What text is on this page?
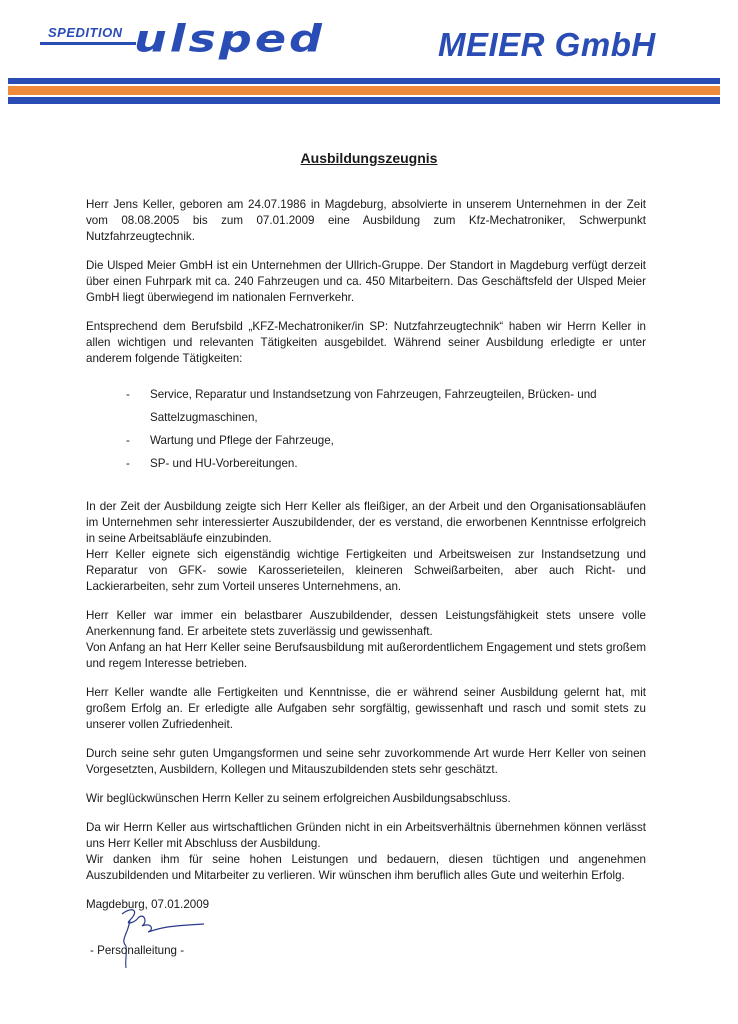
SPEDITION ulsped	MEIER GmbH
Ausbildungszeugnis

Herr Jens Keller, geboren am 24.07.1986 in Magdeburg, absolvierte in unserem Unternehmen in der Zeit vom 08.08.2005 bis zum 07.01.2009 eine Ausbildung zum Kfz-Mechatroniker, Schwerpunkt Nutzfahrzeugtechnik.

Die Ulsped Meier GmbH ist ein Unternehmen der Ullrich-Gruppe. Der Standort in Magdeburg verfügt derzeit über einen Fuhrpark mit ca. 240 Fahrzeugen und ca. 450 Mitarbeitern. Das Geschäftsfeld der Ulsped Meier GmbH liegt überwiegend im nationalen Fernverkehr.

Entsprechend dem Berufsbild „KFZ-Mechatroniker/in SP: Nutzfahrzeugtechnik“ haben wir Herrn Keller in allen wichtigen und relevanten Tätigkeiten ausgebildet. Während seiner Ausbildung erledigte er unter anderem folgende Tätigkeiten:

- Service, Reparatur und Instandsetzung von Fahrzeugen, Fahrzeugteilen, Brücken- und Sattelzugmaschinen,
- Wartung und Pflege der Fahrzeuge,
- SP- und HU-Vorbereitungen.

In der Zeit der Ausbildung zeigte sich Herr Keller als fleißiger, an der Arbeit und den Organisationsabläufen im Unternehmen sehr interessierter Auszubildender, der es verstand, die erworbenen Kenntnisse erfolgreich in seine Arbeitsabläufe einzubinden.

Herr Keller eignete sich eigenständig wichtige Fertigkeiten und Arbeitsweisen zur Instandsetzung und Reparatur von GFK- sowie Karosserieteilen, kleineren Schweißarbeiten, aber auch Richt- und Lackierarbeiten, sehr zum Vorteil unseres Unternehmens, an.

Herr Keller war immer ein belastbarer Auszubildender, dessen Leistungsfähigkeit stets unsere volle Anerkennung fand. Er arbeitete stets zuverlässig und gewissenhaft.

Von Anfang an hat Herr Keller seine Berufsausbildung mit außerordentlichem Engagement und stets großem und regem Interesse betrieben.

Herr Keller wandte alle Fertigkeiten und Kenntnisse, die er während seiner Ausbildung gelernt hat, mit großem Erfolg an. Er erledigte alle Aufgaben sehr sorgfältig, gewissenhaft und rasch und somit stets zu unserer vollen Zufriedenheit.

Durch seine sehr guten Umgangsformen und seine sehr zuvorkommende Art wurde Herr Keller von seinen Vorgesetzten, Ausbildern, Kollegen und Mitauszubildenden stets sehr geschätzt.

Wir beglückwünschen Herrn Keller zu seinem erfolgreichen Ausbildungsabschluss.

Da wir Herrn Keller aus wirtschaftlichen Gründen nicht in ein Arbeitsverhältnis übernehmen können verlässt uns Herr Keller mit Abschluss der Ausbildung.

Wir danken ihm für seine hohen Leistungen und bedauern, diesen tüchtigen und angenehmen Auszubildenden und Mitarbeiter zu verlieren. Wir wünschen ihm beruflich alles Gute und weiterhin Erfolg.

Magdeburg, 07.01.2009

- Personalleitung -
